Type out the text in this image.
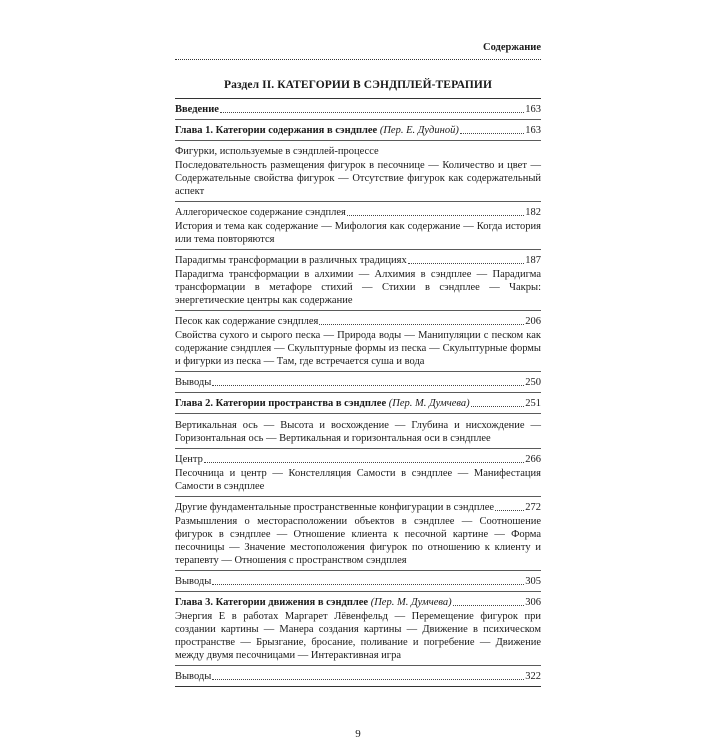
Содержание
Раздел II. КАТЕГОРИИ В СЭНДПЛЕЙ-ТЕРАПИИ
Введение	163
Глава 1. Категории содержания в сэндплее (Пер. Е. Дудиной)	163
Фигурки, используемые в сэндплей-процессе
Последовательность размещения фигурок в песочнице — Количество и цвет — Содержательные свойства фигурок — Отсутствие фигурок как содержательный аспект
Аллегорическое содержание сэндплея	182
История и тема как содержание — Мифология как содержание — Когда история или тема повторяются
Парадигмы трансформации в различных традициях	187
Парадигма трансформации в алхимии — Алхимия в сэндплее — Парадигма трансформации в метафоре стихий — Стихии в сэндплее — Чакры: энергетические центры как содержание
Песок как содержание сэндплея	206
Свойства сухого и сырого песка — Природа воды — Манипуляции с песком как содержание сэндплея — Скульптурные формы из песка — Скульптурные формы и фигурки из песка — Там, где встречается суша и вода
Выводы	250
Глава 2. Категории пространства в сэндплее (Пер. М. Думчева)	251
Вертикальная ось — Высота и восхождение — Глубина и нисхождение — Горизонтальная ось — Вертикальная и горизонтальная оси в сэндплее
Центр	266
Песочница и центр — Констелляция Самости в сэндплее — Манифестация Самости в сэндплее
Другие фундаментальные пространственные конфигурации в сэндплее	272
Размышления о месторасположении объектов в сэндплее — Соотношение фигурок в сэндплее — Отношение клиента к песочной картине — Форма песочницы — Значение местоположения фигурок по отношению к клиенту и терапевту — Отношения с пространством сэндплея
Выводы	305
Глава 3. Категории движения в сэндплее (Пер. М. Думчева)	306
Энергия Е в работах Маргарет Лёвенфельд — Перемещение фигурок при создании картины — Манера создания картины — Движение в психическом пространстве — Брызгание, бросание, поливание и погребение — Движение между двумя песочницами — Интерактивная игра
Выводы	322
9
